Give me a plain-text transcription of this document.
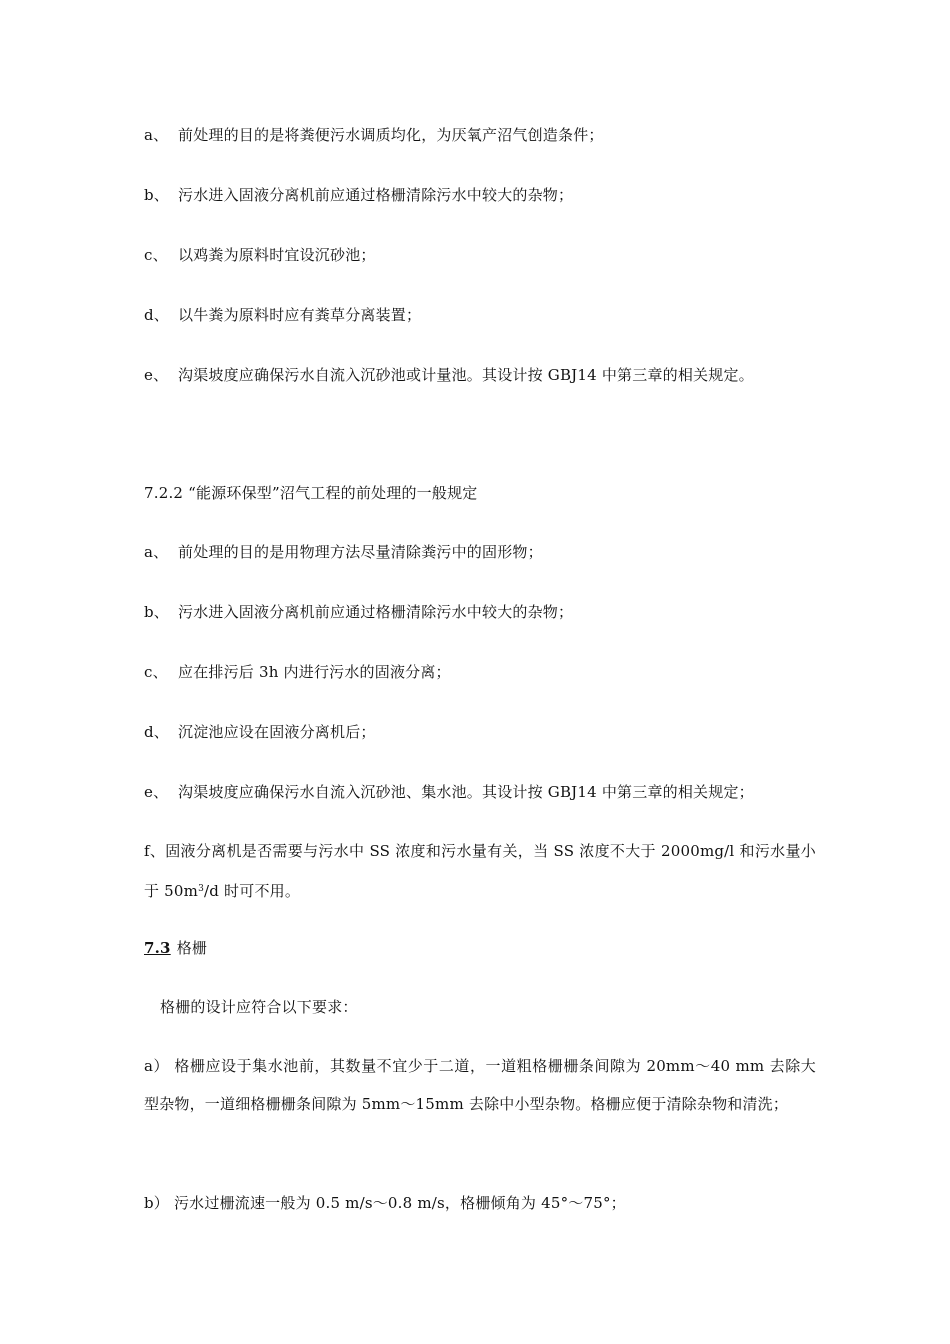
a、 前处理的目的是将粪便污水调质均化，为厌氧产沼气创造条件；
b、 污水进入固液分离机前应通过格栅清除污水中较大的杂物；
c、 以鸡粪为原料时宜设沉砂池；
d、 以牛粪为原料时应有粪草分离装置；
e、 沟渠坡度应确保污水自流入沉砂池或计量池。其设计按 GBJ14 中第三章的相关规定。
7.2.2 “能源环保型”沼气工程的前处理的一般规定
a、 前处理的目的是用物理方法尽量清除粪污中的固形物；
b、 污水进入固液分离机前应通过格栅清除污水中较大的杂物；
c、 应在排污后 3h 内进行污水的固液分离；
d、 沉淀池应设在固液分离机后；
e、 沟渠坡度应确保污水自流入沉砂池、集水池。其设计按 GBJ14 中第三章的相关规定；
f、固液分离机是否需要与污水中 SS 浓度和污水量有关，当 SS 浓度不大于 2000mg/l 和污水量小于 $50m^3/d$ 时可不用。
7.3 格栅
格栅的设计应符合以下要求：
a） 格栅应设于集水池前，其数量不宜少于二道，一道粗格栅栅条间隙为 20mm～40 mm 去除大型杂物，一道细格栅栅条间隙为 5mm～15mm 去除中小型杂物。格栅应便于清除杂物和清洗；
b） 污水过栅流速一般为 0.5 m/s～0.8 m/s，格栅倾角为 45°～75°；
